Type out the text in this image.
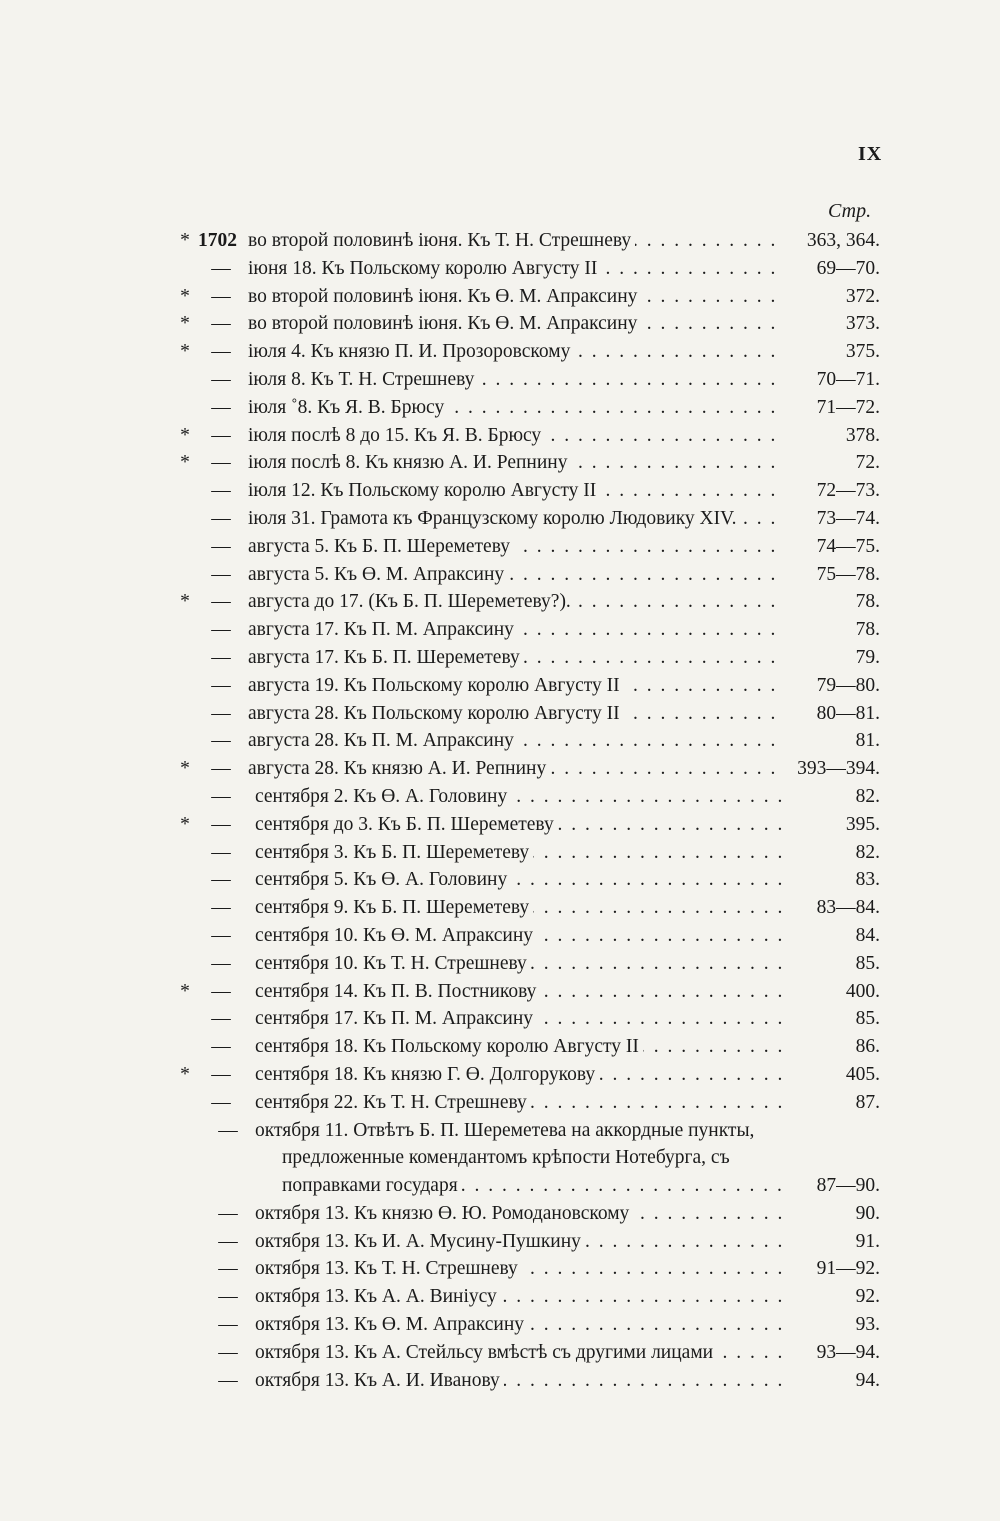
IX
Стр.
* 1702 во второй половинѣ іюня. Къ Т. Н. Стрешневу . . .	363, 364.
— іюня 18. Къ Польскому королю Августу II . . .	69—70.
* — во второй половинѣ іюня. Къ Ө. М. Апраксину . . .	372.
* — во второй половинѣ іюня. Къ Ө. М. Апраксину . . .	373.
* — іюля 4. Къ князю П. И. Прозоровскому . . .	375.
— іюля 8. Къ Т. Н. Стрешневу . . .	70—71.
— іюля ˚8. Къ Я. В. Брюсу . . .	71—72.
* — іюля послѣ 8 до 15. Къ Я. В. Брюсу . . .	378.
* — іюля послѣ 8. Къ князю А. И. Репнину . . .	72.
— іюля 12. Къ Польскому королю Августу II . . .	72—73.
— іюля 31. Грамота къ Французскому королю Людовику XIV. . . .	73—74.
— августа 5. Къ Б. П. Шереметеву . . .	74—75.
— августа 5. Къ Ө. М. Апраксину . . .	75—78.
* — августа до 17. (Къ Б. П. Шереметеву?). . . .	78.
— августа 17. Къ П. М. Апраксину . . .	78.
— августа 17. Къ Б. П. Шереметеву . . .	79.
— августа 19. Къ Польскому королю Августу II . . .	79—80.
— августа 28. Къ Польскому королю Августу II . . .	80—81.
— августа 28. Къ П. М. Апраксину . . .	81.
* — августа 28. Къ князю А. И. Репнину . . .	393—394.
— сентября 2. Къ Ө. А. Головину . . .	82.
* — сентября до 3. Къ Б. П. Шереметеву . . .	395.
— сентября 3. Къ Б. П. Шереметеву . . .	82.
— сентября 5. Къ Ө. А. Головину . . .	83.
— сентября 9. Къ Б. П. Шереметеву . . .	83—84.
— сентября 10. Къ Ө. М. Апраксину . . .	84.
— сентября 10. Къ Т. Н. Стрешневу . . .	85.
* — сентября 14. Къ П. В. Постникову . . .	400.
— сентября 17. Къ П. М. Апраксину . . .	85.
— сентября 18. Къ Польскому королю Августу II . . .	86.
* — сентября 18. Къ князю Г. Ө. Долгорукову . . .	405.
— сентября 22. Къ Т. Н. Стрешневу . . .	87.
— октября 11. Отвѣтъ Б. П. Шереметева на аккордные пункты,
предложенные комендантомъ крѣпости Нотебурга, съ
поправками государя . . .	87—90.
— октября 13. Къ князю Ө. Ю. Ромодановскому . . .	90.
— октября 13. Къ И. А. Мусину-Пушкину . . .	91.
— октября 13. Къ Т. Н. Стрешневу . . .	91—92.
— октября 13. Къ А. А. Виніусу . . .	92.
— октября 13. Къ Ө. М. Апраксину . . .	93.
— октября 13. Къ А. Стейльсу вмѣстѣ съ другими лицами . . .	93—94.
— октября 13. Къ А. И. Иванову . . .	94.
